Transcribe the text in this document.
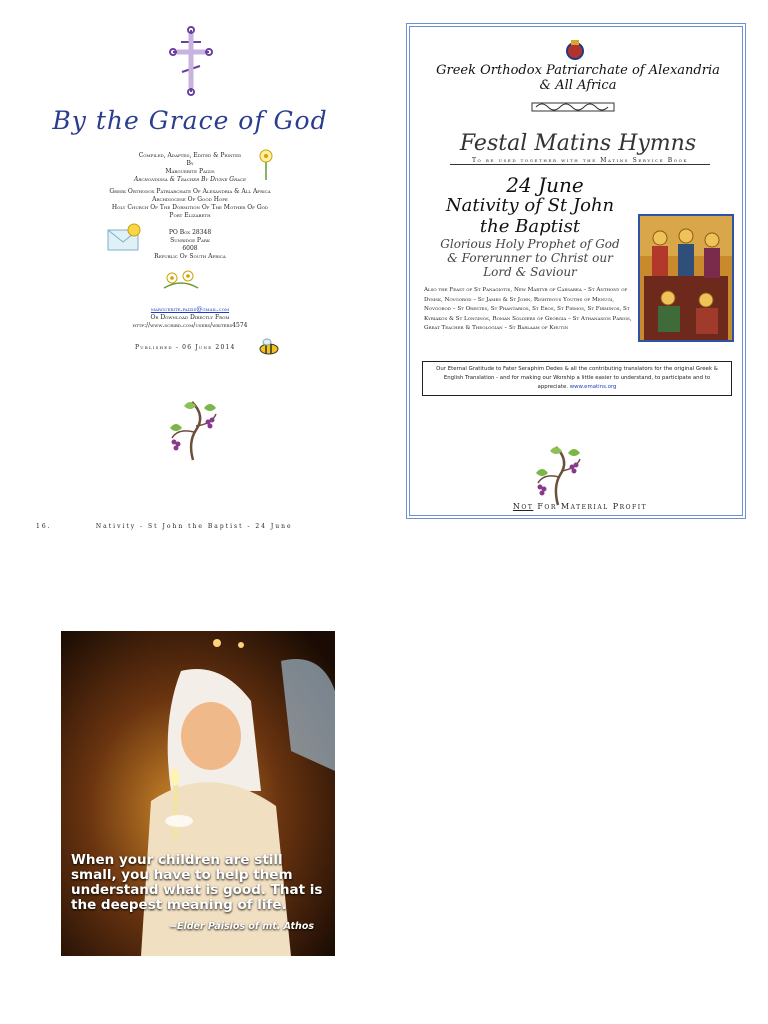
By the Grace of God
Compiled, Adapted, Edited & Printed
By
Marguerite Paizis
Archondissa & Teacher By Divine Grace
Greek Orthodox Patriarchate Of Alexandria & All Africa
Archdiocese Of Good Hope
Holy Church Of The Dormition Of The Mother Of God
Port Elizabeth
PO Box 28348
Sunridge Park
6008
Republic Of South Africa
marguerite.paizis@gmail.com
Or Download Directly From
http://www.scribd.com/users/writers4574
Published - 06 June 2014
16.	Nativity - St John the Baptist - 24 June
Greek Orthodox Patriarchate of Alexandria
& All Africa
Festal Matins Hymns
To be used together with the Matins Service Book
24 June
Nativity of St John
the Baptist
Glorious Holy Prophet of God
& Forerunner to Christ our
Lord & Saviour
Also the Feast of St Panagiotis, New Martyr of Caesarea – St Anthony of Dymsk, Novgorod – St James & St John, Righteous Youths of Menugi, Novgorod – St Orestes, St Phantarios, St Eros, St Firmos, St Firminos, St Kyriakos & St Longinos, Roman Soldiers of Georgia – St Athanasios Parios, Great Teacher & Theologian – St Barlaam of Khutin
Our Eternal Gratitude to Fater Seraphim Dedes & all the contributing translators for the original Greek & English Translation - and for making our Worship a little easier to understand, to participate and to appreciate. www.ematins.org
Not For Material Profit
When your children are still small, you have to help them understand what is good. That is the deepest meaning of life.
~Elder Paisios of mt. Athos
